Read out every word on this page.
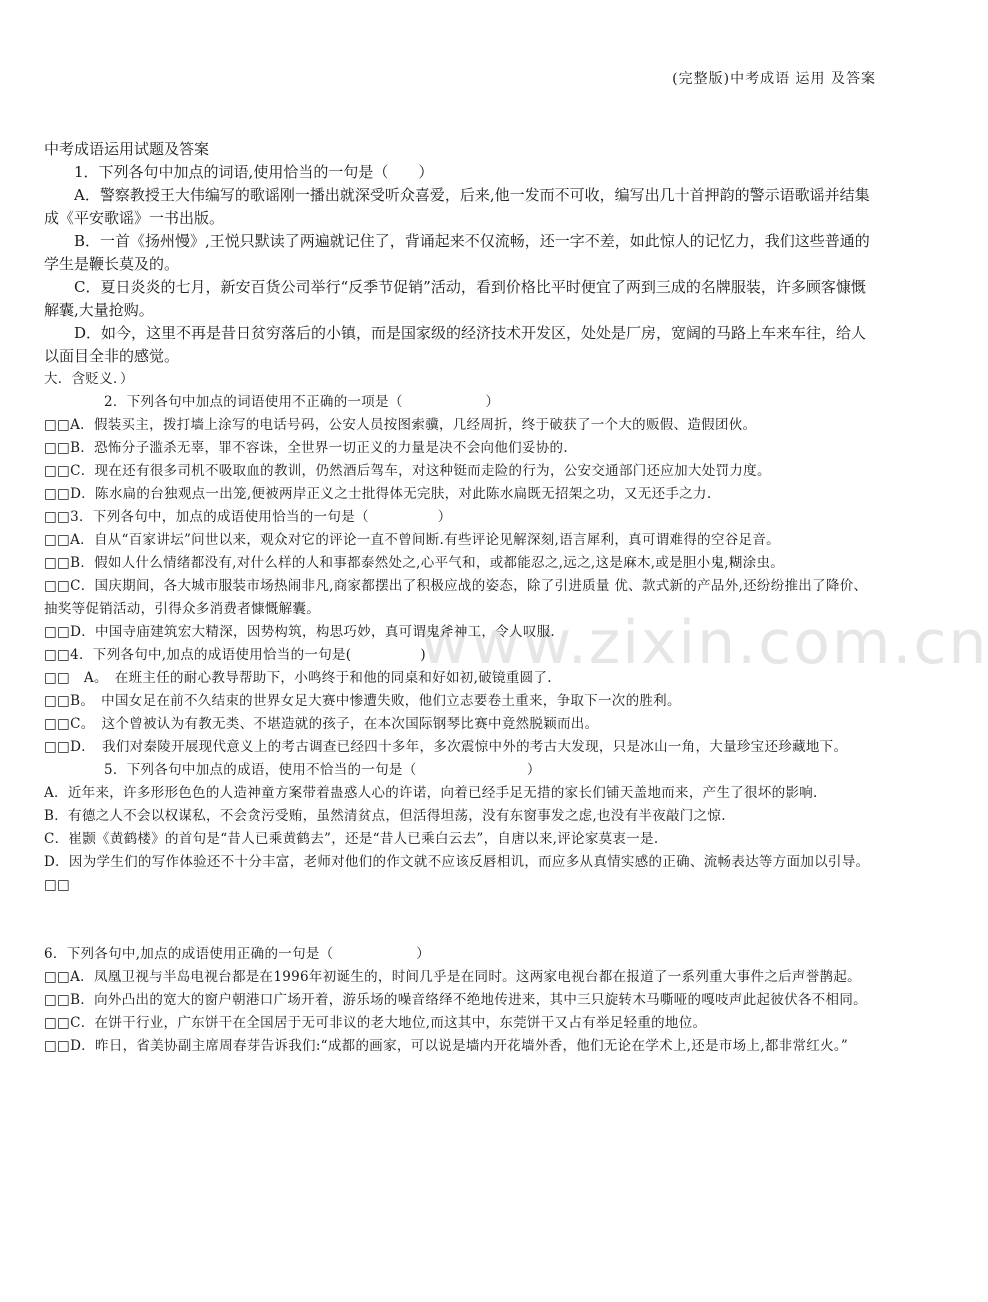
(完整版)中考成语 运用 及答案
www.zixin.com.cn

中考成语运用试题及答案

1．下列各句中加点的词语,使用恰当的一句是（　　）

A．警察教授王大伟编写的歌谣刚一播出就深受听众喜爱，后来,他一发而不可收，编写出几十首押韵的警示语歌谣并结集成《平安歌谣》一书出版。

B．一首《扬州慢》,王悦只默读了两遍就记住了，背诵起来不仅流畅，还一字不差，如此惊人的记忆力，我们这些普通的学生是鞭长莫及的。

C．夏日炎炎的七月，新安百货公司举行“反季节促销”活动，看到价格比平时便宜了两到三成的名牌服装，许多顾客慷慨解囊,大量抢购。

D．如今，这里不再是昔日贫穷落后的小镇，而是国家级的经济技术开发区，处处是厂房，宽阔的马路上车来车往，给人以面目全非的感觉。

大．含贬义．）

2．下列各句中加点的词语使用不正确的一项是（　　　　　　）

□□A．假装买主，拨打墙上涂写的电话号码，公安人员按图索骥，几经周折，终于破获了一个大的贩假、造假团伙。

□□B．恐怖分子滥杀无辜，罪不容诛，全世界一切正义的力量是决不会向他们妥协的.

□□C．现在还有很多司机不吸取血的教训，仍然酒后驾车，对这种铤而走险的行为，公安交通部门还应加大处罚力度。

□□D．陈水扁的台独观点一出笼,便被两岸正义之士批得体无完肤，对此陈水扁既无招架之功，又无还手之力.

□□3．下列各句中，加点的成语使用恰当的一句是（　　　　　）

□□A．自从“百家讲坛”问世以来，观众对它的评论一直不曾间断.有些评论见解深刻,语言犀利，真可谓难得的空谷足音。

□□B．假如人什么情绪都没有,对什么样的人和事都泰然处之,心平气和，或都能忍之,远之,这是麻木,或是胆小鬼,糊涂虫。

□□C．国庆期间，各大城市服装市场热闹非凡,商家都摆出了积极应战的姿态，除了引进质量 优、款式新的产品外,还纷纷推出了降价、抽奖等促销活动，引得众多消费者慷慨解囊。

□□D．中国寺庙建筑宏大精深，因势构筑，构思巧妙，真可谓鬼斧神工，令人叹服.

□□4．下列各句中,加点的成语使用恰当的一句是(　　　　　)

□□　A。　在班主任的耐心教导帮助下，小鸣终于和他的同桌和好如初,破镜重圆了.

□□B。　中国女足在前不久结束的世界女足大赛中惨遭失败，他们立志要卷土重来，争取下一次的胜利。

□□C。　这个曾被认为有教无类、不堪造就的孩子，在本次国际钢琴比赛中竟然脱颖而出。

□□D．　我们对秦陵开展现代意义上的考古调查已经四十多年，多次震惊中外的考古大发现，只是冰山一角，大量珍宝还珍藏地下。

5．下列各句中加点的成语，使用不恰当的一句是（　　　　　　　　）

A．近年来，许多形形色色的人造神童方案带着蛊惑人心的许诺，向着已经手足无措的家长们铺天盖地而来，产生了很坏的影响.

B．有德之人不会以权谋私，不会贪污受贿，虽然清贫点，但活得坦荡，没有东窗事发之虑,也没有半夜敲门之惊.

C．崔颢《黄鹤楼》的首句是“昔人已乘黄鹤去”，还是“昔人已乘白云去”，自唐以来,评论家莫衷一是.

D．因为学生们的写作体验还不十分丰富，老师对他们的作文就不应该反唇相讥，而应多从真情实感的正确、流畅表达等方面加以引导。

□□

6．下列各句中,加点的成语使用正确的一句是（　　　　　　）

□□A．凤凰卫视与半岛电视台都是在1996年初诞生的，时间几乎是在同时。这两家电视台都在报道了一系列重大事件之后声誉鹊起。

□□B．向外凸出的宽大的窗户朝港口广场开着，游乐场的噪音络绎不绝地传进来，其中三只旋转木马嘶哑的嘎吱声此起彼伏各不相同。

□□C．在饼干行业，广东饼干在全国居于无可非议的老大地位,而这其中，东莞饼干又占有举足轻重的地位。

□□D．昨日，省美协副主席周春芽告诉我们:“成都的画家，可以说是墙内开花墙外香，他们无论在学术上,还是市场上,都非常红火。”
